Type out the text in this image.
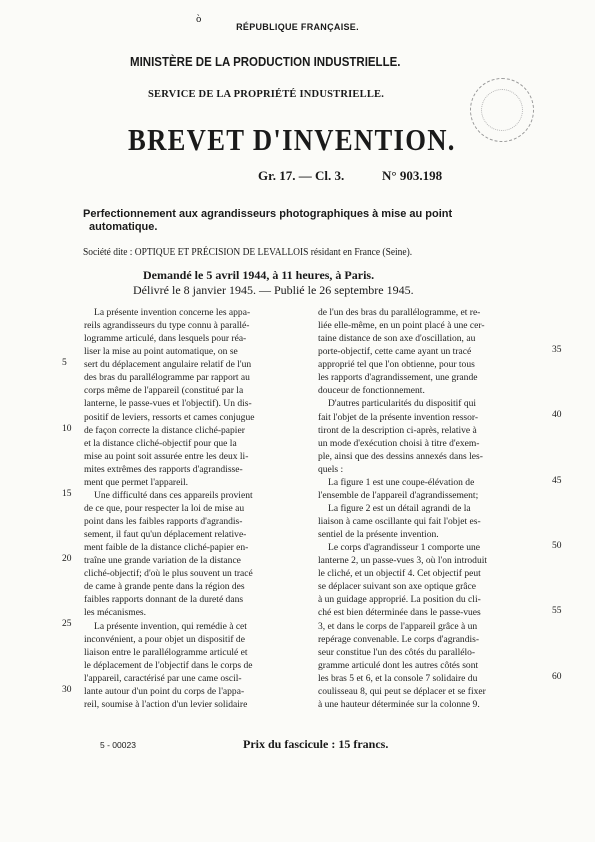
ò
RÉPUBLIQUE FRANÇAISE.
MINISTÈRE DE LA PRODUCTION INDUSTRIELLE.
SERVICE DE LA PROPRIÉTÉ INDUSTRIELLE.
BREVET D'INVENTION.
Gr. 17. — Cl. 3.	N° 903.198
Perfectionnement aux agrandisseurs photographiques à mise au point
automatique.
Société dite : OPTIQUE ET PRÉCISION DE LEVALLOIS résidant en France (Seine).
Demandé le 5 avril 1944, à 11 heures, à Paris.
Délivré le 8 janvier 1945. — Publié le 26 septembre 1945.
La présente invention concerne les appa-
reils agrandisseurs du type connu à parallé-
logramme articulé, dans lesquels pour réa-
liser la mise au point automatique, on se
sert du déplacement angulaire relatif de l'un
des bras du parallélogramme par rapport au
corps même de l'appareil (constitué par la
lanterne, le passe-vues et l'objectif). Un dis-
positif de leviers, ressorts et cames conjugue
de façon correcte la distance cliché-papier
et la distance cliché-objectif pour que la
mise au point soit assurée entre les deux li-
mites extrêmes des rapports d'agrandisse-
ment que permet l'appareil.
Une difficulté dans ces appareils provient
de ce que, pour respecter la loi de mise au
point dans les faibles rapports d'agrandis-
sement, il faut qu'un déplacement relative-
ment faible de la distance cliché-papier en-
traîne une grande variation de la distance
cliché-objectif; d'où le plus souvent un tracé
de came à grande pente dans la région des
faibles rapports donnant de la dureté dans
les mécanismes.
La présente invention, qui remédie à cet
inconvénient, a pour objet un dispositif de
liaison entre le parallélogramme articulé et
le déplacement de l'objectif dans le corps de
l'appareil, caractérisé par une came oscil-
lante autour d'un point du corps de l'appa-
reil, soumise à l'action d'un levier solidaire
de l'un des bras du parallélogramme, et re-
liée elle-même, en un point placé à une cer-
taine distance de son axe d'oscillation, au
porte-objectif, cette came ayant un tracé
approprié tel que l'on obtienne, pour tous
les rapports d'agrandissement, une grande
douceur de fonctionnement.
D'autres particularités du dispositif qui
fait l'objet de la présente invention ressor-
tiront de la description ci-après, relative à
un mode d'exécution choisi à titre d'exem-
ple, ainsi que des dessins annexés dans les-
quels :
La figure 1 est une coupe-élévation de
l'ensemble de l'appareil d'agrandissement;
La figure 2 est un détail agrandi de la
liaison à came oscillante qui fait l'objet es-
sentiel de la présente invention.
Le corps d'agrandisseur 1 comporte une
lanterne 2, un passe-vues 3, où l'on introduit
le cliché, et un objectif 4. Cet objectif peut
se déplacer suivant son axe optique grâce
à un guidage approprié. La position du cli-
ché est bien déterminée dans le passe-vues
3, et dans le corps de l'appareil grâce à un
repérage convenable. Le corps d'agrandis-
seur constitue l'un des côtés du parallélo-
gramme articulé dont les autres côtés sont
les bras 5 et 6, et la console 7 solidaire du
coulisseau 8, qui peut se déplacer et se fixer
à une hauteur déterminée sur la colonne 9.
5
10
15
20
25
30
35
40
45
50
55
60
5 - 00023	Prix du fascicule : 15 francs.
